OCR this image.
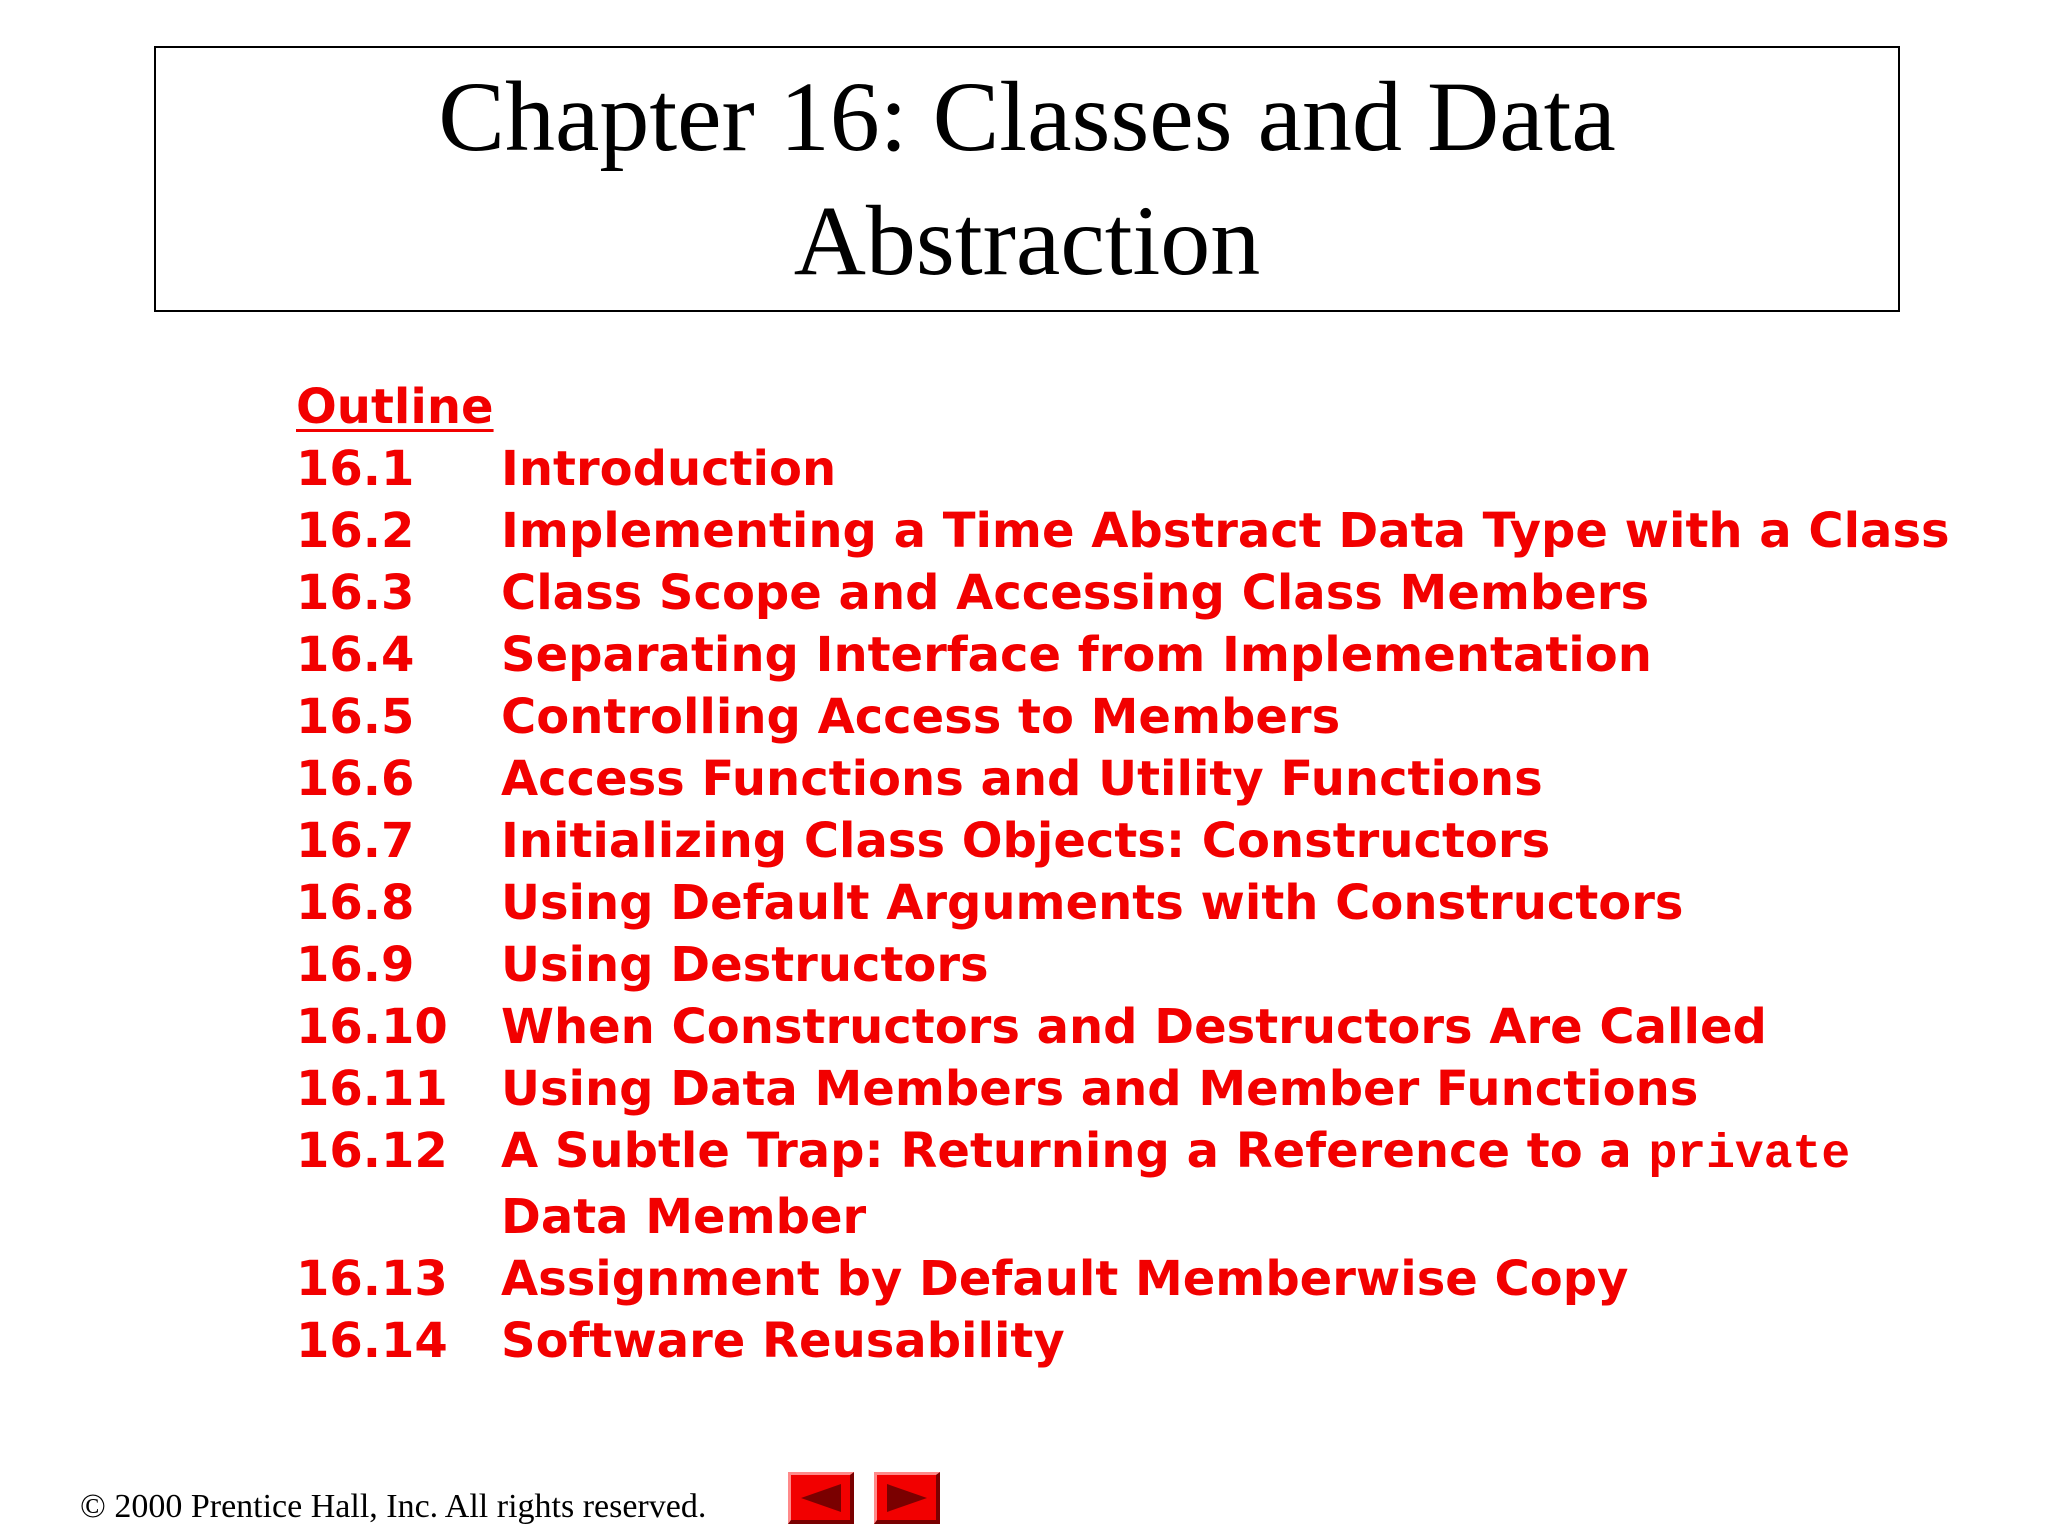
Chapter 16: Classes and Data
Abstraction
Outline
16.1	Introduction
16.2	Implementing a Time Abstract Data Type with a Class
16.3	Class Scope and Accessing Class Members
16.4	Separating Interface from Implementation
16.5	Controlling Access to Members
16.6	Access Functions and Utility Functions
16.7	Initializing Class Objects: Constructors
16.8	Using Default Arguments with Constructors
16.9	Using Destructors
16.10	When Constructors and Destructors Are Called
16.11	Using Data Members and Member Functions
16.12	A Subtle Trap: Returning a Reference to a private
Data Member
16.13	Assignment by Default Memberwise Copy
16.14	Software Reusability
© 2000 Prentice Hall, Inc. All rights reserved.
